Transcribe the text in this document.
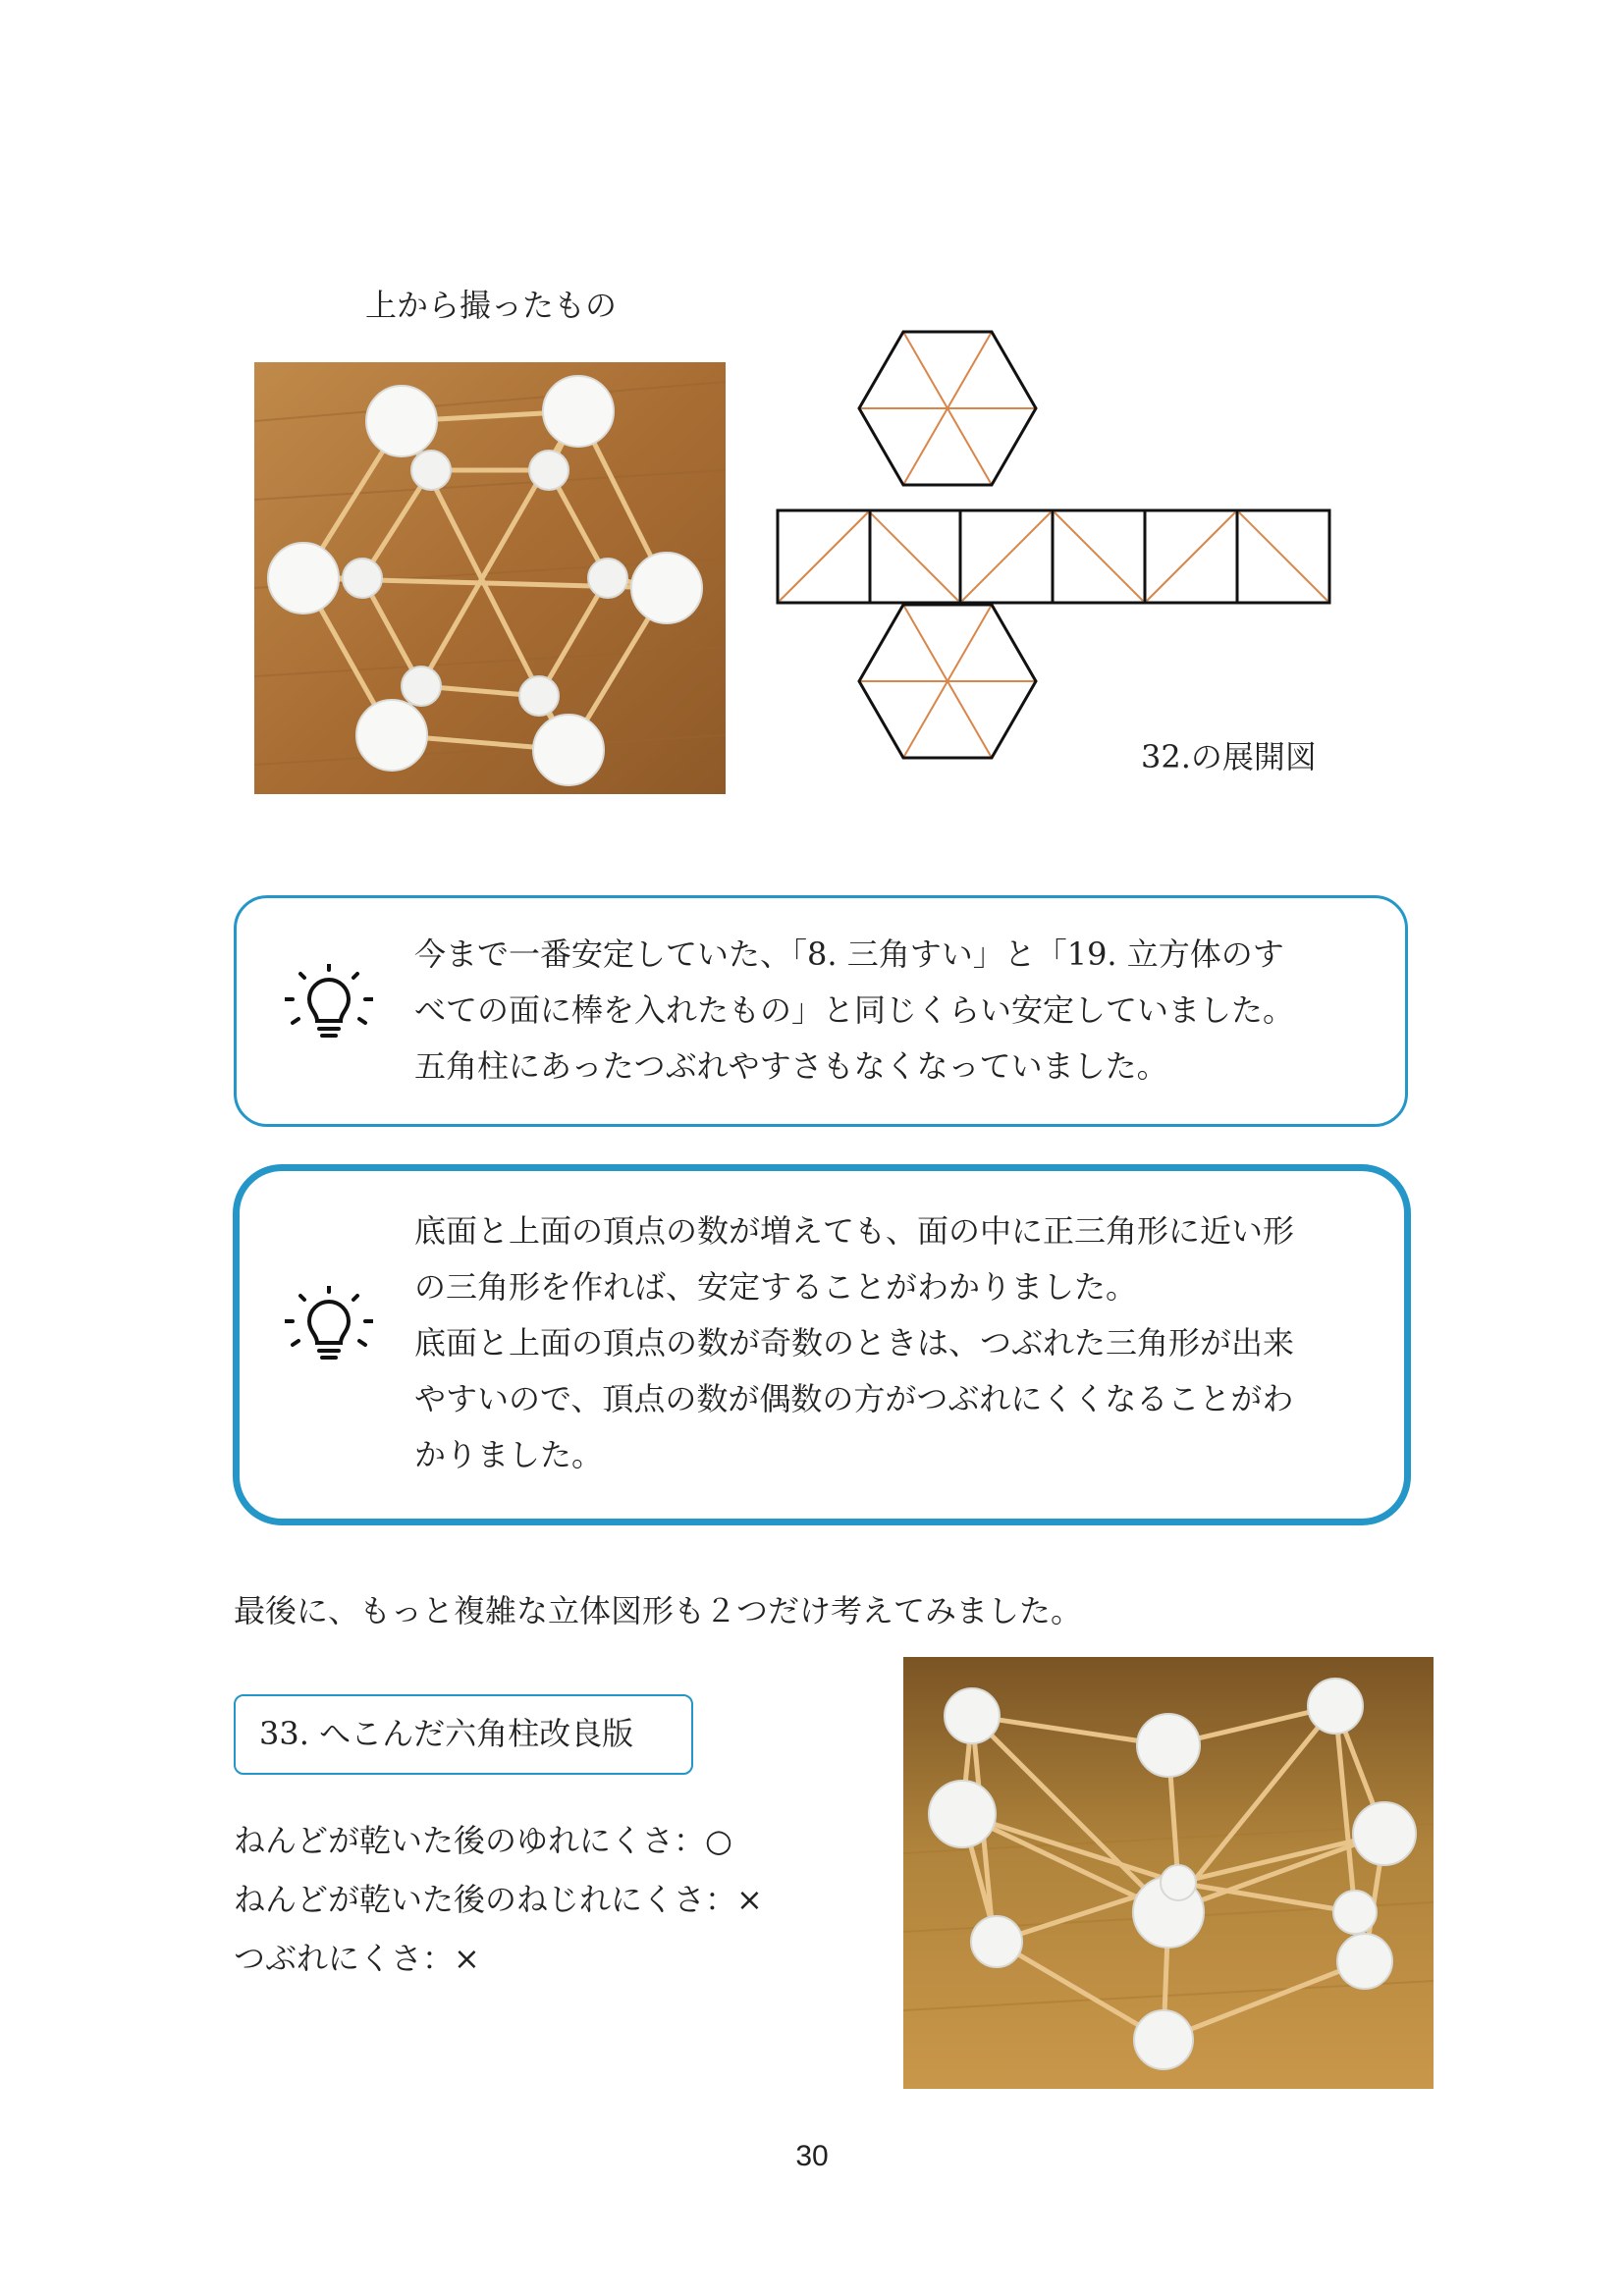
上から撮ったもの
32.の展開図
今まで一番安定していた、「8. 三角すい」と「19. 立方体のす
べての面に棒を入れたもの」と同じくらい安定していました。
五角柱にあったつぶれやすさもなくなっていました。
底面と上面の頂点の数が増えても、面の中に正三角形に近い形
の三角形を作れば、安定することがわかりました。
底面と上面の頂点の数が奇数のときは、つぶれた三角形が出来
やすいので、頂点の数が偶数の方がつぶれにくくなることがわ
かりました。
最後に、もっと複雑な立体図形も２つだけ考えてみました。
33. へこんだ六角柱改良版
ねんどが乾いた後のゆれにくさ：○
ねんどが乾いた後のねじれにくさ：×
つぶれにくさ：×
30
